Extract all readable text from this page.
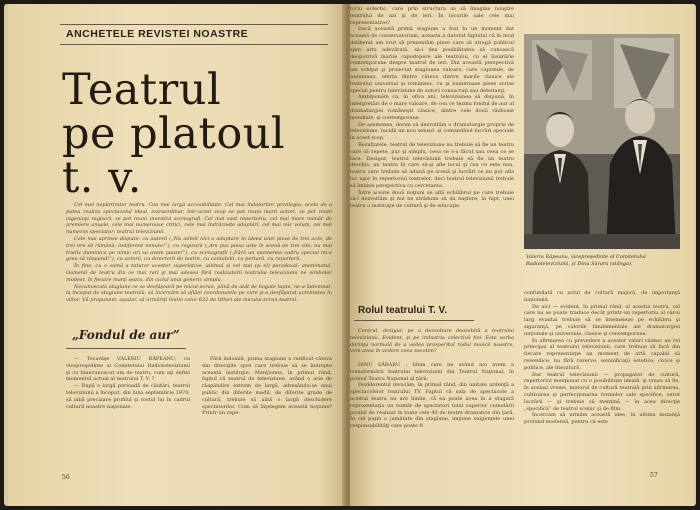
ANCHETELE REVISTEI NOASTRE
Teatrul
pe platoul
t. v.
Cel mai nepărtinitor teatru. Cea mai largă accesibilitate. Cel mai îndatoritor privilegiu: acela de a putea realiza spectacolul ideal, extraordinar, într-acest scop se pot reuni marii actori, se pot reuni ingenioşi regizori, se pot reuni inventivi scenografi. Cel mai vast repertoriu, cel mai mare număr de premiere anuale, cele mai numeroase critici, cele mai îndrăznețe adaptări, cel mai mic volum, cel mai numeros spectator: teatrul televiziunii.
Cele mai aprinse dispute: cu autorii („Nu admit nici o adaptare în ideea unei piese de trei acte, de trei ore să rămână, indiferent minute!”), cu regizorii („Am pus piesa aste în scenă de trei zile, nu mai tradiv duminica pe nimic ori sa avem pauze!”), cu scenografii („Fără un asemenea cadru special mi-e greu să răspund!”), cu actorii, cu directorii de teatre, cu contabilii, cu portarii, cu reporterii.
În fine, cu o sumă a tuturor acestor superlative, ultimul şi cel mai (şi el) paradoxal: anonimatul. Oamenii de teatru din ce mai rari şi mai adesea fără realizatorii teatrului televiziunii ne simbolec modest, în fiecare marţi seara, din ciclul unui generic simplu.
Necunoscuta stagiune ce se desfăşoară pe micul ecran, plină de atât de bogate lupte, ne-a îndemnat, la început de stagiune teatrală, să încercăm să aflăm coordonatele pe care şi-a desfăşurat activitatea în viitor. Vă propunem, aşadar, să urmăriţi liniile celor 632 de titluri ale micului ecran teatral.
„Fondul de aur”
— Tovarăşe VALERIU RĂPEANU, cu vicepreşedinte al Comitetului Radioteleviziunii şi cu binecunoscut om de teatru, cum aţi defini momentul actual al teatrului T. V. ?
— După o largă perioadă de căutări, teatrul televiziunii a început, din luna septembrie 1970, să aibă precizare profilul şi rostul lui în cadrul culturii noastre naţionale.
Fără îndoială, prima stagiune a ratificat câteva din direcţiile spre care trebuie să se îndrepte această instituţie. Menţionez, în primul rând, faptul că teatrul de televiziune, având o arie de răspândire extrem de largă, adresându-se unui public din diferite medii, de diferite grade de cultură, trebuie să aibă o largă deschidere spectatorilor. Cum să înţelegem această noţiune? Printr-un repe-
56	57
toriu eclectic, care prin structura sa să îmagine noaştre teatrului de azi şi de ieri. În locurile sale cele mai reprezentative?
Dacă această primă stagiune a fost la un moment dat această de conservatorism, aceasta a datorat faptului că în mod deliberat am vrut să prezentăm piese care să atragă publicul spre arta adevărată, să-i dea posibilitatea să cunoască deopotrivă marile capodopere ale teatrului, cu el însurărie contemporane despre teatrul de ieri. Din această perspectivă am schiţat şi proiectat stagiunea valoare, care cuprinde, de asemenea, oferta dintre câteva dintre marile clasice ale teatrului universal şi românesc, cu şi numeroase piese scrise special pentru televiziune de autori consacraţi sau debutanţi.
Ambiţionăm ca, în ofiva ani, televiziunea să dispună, în interpretări de o mare valoare, de cea ce tezmu fondul de aur al dramaturgiei româneşti clasice, dintre cele două războaie mondiale, şi contemporane.
De asemenea, dorim să dezvoltăm o dramaturgie proprie de televiziune, lucidă un nou sensul: şi comandând lucrări speciale în acest scop.
Rezultatele, teatrul de televiziune nu trebuie să fie un teatru care să repete, pur şi simplu, ceea ce s-a făcut sau ceea ce se face. Desigur, teatrul televiziunii trebuie să fie un teatru deschis, un teatru în care să-şi afle locul şi cea ce este nou, teatru care trebuie să adună pe scenă şi lucrări ce nu pot afla loc uşor în repertoriul teatrelor, deci teatrul televiziunii trebuie să îmbine perspectiva cu cercetarea.
Între aceste două noţiuni se află echilibrul pe care trebuie să-l dezvoltăm şi noi ne străduim să da naştere, în fapt, unei teatru o instituţie de cultură şi de educaţie.
Rolul teatrului T. V.
Centrul, desigur, pe a dezvoltare deosebită a teatrului televiziunii. Evident, şi pe industria colectivă fiei. Este vorba dorinţa normală de a vedea prosperitul rodul muncii noastre, vom avea în vedere ceea socotim?
DINU SĂRARU : Idem care ne având noi avem a transformării teatrului televiziunii din Teatrul Naţional, în primul Teatru Naţional al ţării.
Deziderentul invocăm, în primul rând, din unitate ardenţă a spectacolelor teatrului TV. Faptul că sala de spectacole a acestui teatru nu are limite, că ea poate avea în a stugară reprezentaţia un număr de spectatori total superior cumulării posibil de realizat în toate cele 40 de teatre dramatice din ţară. În cel puţin o jumătate din stagiune, impune exigenţele unei responsabilităţi care poate fi
Valeriu Răpeanu, vicepreşedinte al Comitetului Radioteleviziunii, şi Dinu Săraru (stânga).
confundată cu actul de cultură majoră, de importanţă naţională.
De aici — evident, în primul rând, al acestui teatru, cel care nu se poate traduce decât printr-un repertoriu al cărui larg evantai trebuie să se întemeieze pe echilibru şi siguranţă, pe valorile fundamentale ale dramaturgiei naţionale şi universale, clasice şi contemporane.
În afirmarea cu prevedere a acestor valori vădesc un rol principal al teatrului televiziunii, care trebuie să facă din fiecare reprezentaţie un moment de artă capabil să revendice, nu fără rezerve, semnificaţii estetice, civice şi politice, ale literaturii.
Dar teatrul televiziunii — propagator de cultură, repertoriul menţionat cu o posibilitate ideală, şi vreau să fie, în același vreme, motorul de cultură teatrală prin afirmarea, cultivarea şi perfecţionarea formelor sale specifice, cerut lucrării — şi trebuie să menţină — în acea direcţie „specifică” de teatrul scenic şi de film.
Încercăm să urmăm această idee, în ultima instanţă profund modernă, pentru că este
